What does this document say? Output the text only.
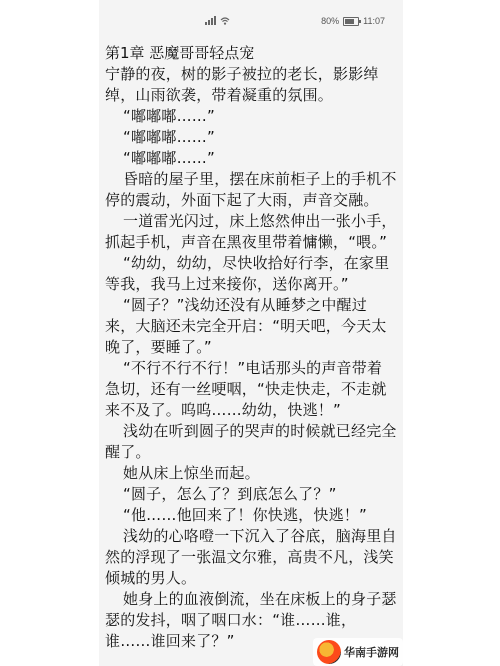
80%	11:07
第1章 恶魔哥哥轻点宠

宁静的夜，树的影子被拉的老长，影影绰绰，山雨欲袭，带着凝重的氛围。

“嘟嘟嘟……”

“嘟嘟嘟……”

“嘟嘟嘟……”

昏暗的屋子里，摆在床前柜子上的手机不停的震动，外面下起了大雨，声音交融。

一道雷光闪过，床上悠然伸出一张小手，抓起手机，声音在黑夜里带着慵懒，“喂。”

“幼幼，幼幼，尽快收拾好行李，在家里等我，我马上过来接你，送你离开。”

“圆子？”浅幼还没有从睡梦之中醒过来，大脑还未完全开启：“明天吧，今天太晚了，要睡了。”

“不行不行不行！”电话那头的声音带着急切，还有一丝哽咽，“快走快走，不走就来不及了。呜呜……幼幼，快逃！”

浅幼在听到圆子的哭声的时候就已经完全醒了。

她从床上惊坐而起。

“圆子，怎么了？到底怎么了？”

“他……他回来了！你快逃，快逃！”

浅幼的心咯噔一下沉入了谷底，脑海里自然的浮现了一张温文尔雅，高贵不凡，浅笑倾城的男人。

她身上的血液倒流，坐在床板上的身子瑟瑟的发抖，咽了咽口水：“谁……谁，谁……谁回来了？”

华南手游网
